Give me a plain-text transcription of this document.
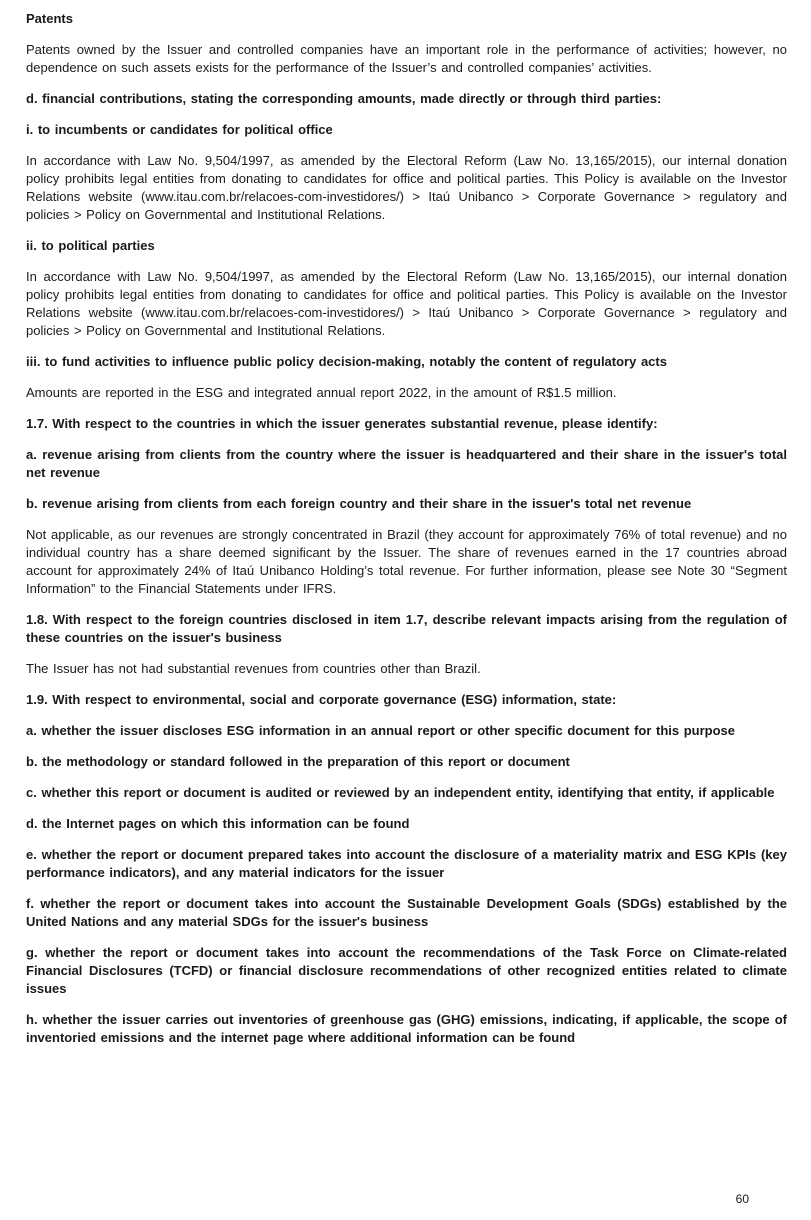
Patents
Patents owned by the Issuer and controlled companies have an important role in the performance of activities; however, no dependence on such assets exists for the performance of the Issuer’s and controlled companies’ activities.
d. financial contributions, stating the corresponding amounts, made directly or through third parties:
i. to incumbents or candidates for political office
In accordance with Law No. 9,504/1997, as amended by the Electoral Reform (Law No. 13,165/2015), our internal donation policy prohibits legal entities from donating to candidates for office and political parties. This Policy is available on the Investor Relations website (www.itau.com.br/relacoes-com-investidores/) > Itaú Unibanco > Corporate Governance > regulatory and policies > Policy on Governmental and Institutional Relations.
ii. to political parties
In accordance with Law No. 9,504/1997, as amended by the Electoral Reform (Law No. 13,165/2015), our internal donation policy prohibits legal entities from donating to candidates for office and political parties. This Policy is available on the Investor Relations website (www.itau.com.br/relacoes-com-investidores/) > Itaú Unibanco > Corporate Governance > regulatory and policies > Policy on Governmental and Institutional Relations.
iii. to fund activities to influence public policy decision-making, notably the content of regulatory acts
Amounts are reported in the ESG and integrated annual report 2022, in the amount of R$1.5 million.
1.7. With respect to the countries in which the issuer generates substantial revenue, please identify:
a. revenue arising from clients from the country where the issuer is headquartered and their share in the issuer's total net revenue
b. revenue arising from clients from each foreign country and their share in the issuer's total net revenue
Not applicable, as our revenues are strongly concentrated in Brazil (they account for approximately 76% of total revenue) and no individual country has a share deemed significant by the Issuer. The share of revenues earned in the 17 countries abroad account for approximately 24% of Itaú Unibanco Holding’s total revenue. For further information, please see Note 30 “Segment Information” to the Financial Statements under IFRS.
1.8. With respect to the foreign countries disclosed in item 1.7, describe relevant impacts arising from the regulation of these countries on the issuer's business
The Issuer has not had substantial revenues from countries other than Brazil.
1.9. With respect to environmental, social and corporate governance (ESG) information, state:
a. whether the issuer discloses ESG information in an annual report or other specific document for this purpose
b. the methodology or standard followed in the preparation of this report or document
c. whether this report or document is audited or reviewed by an independent entity, identifying that entity, if applicable
d. the Internet pages on which this information can be found
e. whether the report or document prepared takes into account the disclosure of a materiality matrix and ESG KPIs (key performance indicators), and any material indicators for the issuer
f. whether the report or document takes into account the Sustainable Development Goals (SDGs) established by the United Nations and any material SDGs for the issuer's business
g. whether the report or document takes into account the recommendations of the Task Force on Climate-related Financial Disclosures (TCFD) or financial disclosure recommendations of other recognized entities related to climate issues
h. whether the issuer carries out inventories of greenhouse gas (GHG) emissions, indicating, if applicable, the scope of inventoried emissions and the internet page where additional information can be found
60
